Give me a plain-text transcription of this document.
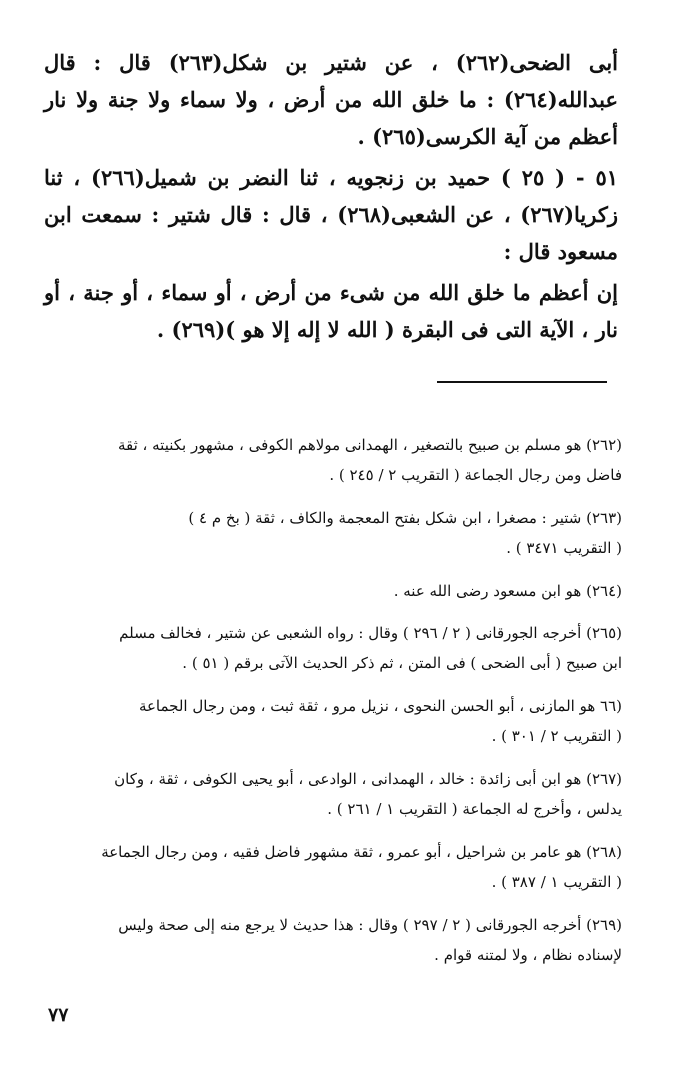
أبى الضحى(٢٦٢) ، عن شتير بن شكل(٢٦٣) قال : قال عبدالله(٢٦٤) : ما خلق الله من أرض ، ولا سماء ولا جنة ولا نار أعظم من آية الكرسى(٢٦٥) .

٥١ - ( ٢٥ ) حميد بن زنجويه ، ثنا النضر بن شميل(٢٦٦) ، ثنا زكريا(٢٦٧) ، عن الشعبى(٢٦٨) ، قال : قال شتير : سمعت ابن مسعود قال :

إن أعظم ما خلق الله من شىء من أرض ، أو سماء ، أو جنة ، أو نار ، الآية التى فى البقرة ( الله لا إله إلا هو )(٢٦٩) .

(٢٦٢) هو مسلم بن صبيح بالتصغير ، الهمدانى مولاهم الكوفى ، مشهور بكنيته ، ثقة
فاضل ومن رجال الجماعة ( التقريب ٢ / ٢٤٥ ) .
(٢٦٣) شتير : مصغرا ، ابن شكل بفتح المعجمة والكاف ، ثقة ( بخ م ٤ )
( التقريب ٣٤٧١ ) .
(٢٦٤) هو ابن مسعود رضى الله عنه .
(٢٦٥) أخرجه الجورقانى ( ٢ / ٢٩٦ ) وقال : رواه الشعبى عن شتير ، فخالف مسلم
ابن صبيح ( أبى الضحى ) فى المتن ، ثم ذكر الحديث الآتى برقم ( ٥١ ) .
(٦٦ هو المازنى ، أبو الحسن النحوى ، نزيل مرو ، ثقة ثبت ، ومن رجال الجماعة
( التقريب ٢ / ٣٠١ ) .
(٢٦٧) هو ابن أبى زائدة : خالد ، الهمدانى ، الوادعى ، أبو يحيى الكوفى ، ثقة ، وكان
يدلس ، وأخرج له الجماعة ( التقريب ١ / ٢٦١ ) .
(٢٦٨) هو عامر بن شراحيل ، أبو عمرو ، ثقة مشهور فاضل فقيه ، ومن رجال الجماعة
( التقريب ١ / ٣٨٧ ) .
(٢٦٩) أخرجه الجورقانى ( ٢ / ٢٩٧ ) وقال : هذا حديث لا يرجع منه إلى صحة وليس
لإسناده نظام ، ولا لمتنه قوام .
٧٧
